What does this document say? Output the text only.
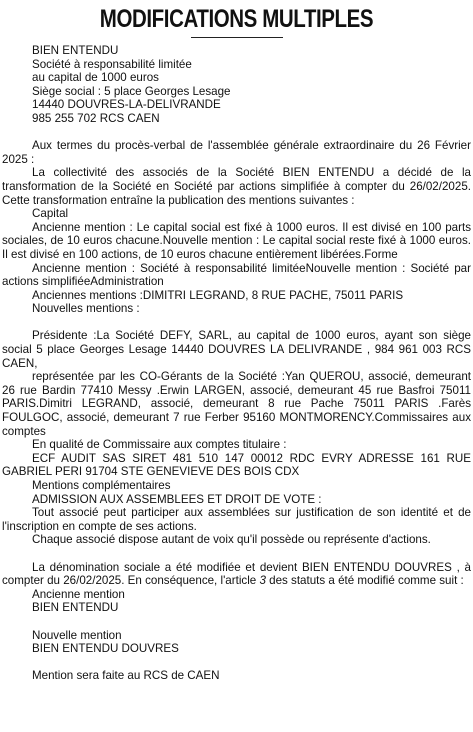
MODIFICATIONS MULTIPLES

BIEN ENTENDU

Société à responsabilité limitée

au capital de 1000 euros

Siège social : 5 place Georges Lesage

14440 DOUVRES-LA-DELIVRANDE

985 255 702 RCS CAEN

Aux termes du procès-verbal de l'assemblée générale extraordinaire du 26 Février 2025 :

La collectivité des associés de la Société BIEN ENTENDU a décidé de la transformation de la Société en Société par actions simplifiée à compter du 26/02/2025. Cette transformation entraîne la publication des mentions suivantes :

Capital

Ancienne mention : Le capital social est fixé à 1000 euros. Il est divisé en 100 parts sociales, de 10 euros chacune.Nouvelle mention : Le capital social reste fixé à 1000 euros. Il est divisé en 100 actions, de 10 euros chacune entièrement libérées.Forme

Ancienne mention : Société à responsabilité limitéeNouvelle mention : Société par actions simplifiéeAdministration

Anciennes mentions :DIMITRI LEGRAND, 8 RUE PACHE, 75011 PARIS

Nouvelles mentions :

Présidente :La Société DEFY, SARL, au capital de 1000 euros, ayant son siège social 5 place Georges Lesage 14440 DOUVRES LA DELIVRANDE , 984 961 003 RCS CAEN,

représentée par les CO-Gérants de la Société :Yan QUEROU, associé, demeurant 26 rue Bardin 77410 Messy .Erwin LARGEN, associé, demeurant 45 rue Basfroi 75011 PARIS.Dimitri LEGRAND, associé, demeurant 8 rue Pache 75011 PARIS .Farès FOULGOC, associé, demeurant 7 rue Ferber 95160 MONTMORENCY.Commissaires aux comptes

En qualité de Commissaire aux comptes titulaire :

ECF AUDIT SAS SIRET 481 510 147 00012 RDC EVRY ADRESSE 161 RUE GABRIEL PERI 91704 STE GENEVIEVE DES BOIS CDX

Mentions complémentaires

ADMISSION AUX ASSEMBLEES ET DROIT DE VOTE :

Tout associé peut participer aux assemblées sur justification de son identité et de l'inscription en compte de ses actions.

Chaque associé dispose autant de voix qu'il possède ou représente d'actions.

La dénomination sociale a été modifiée et devient BIEN ENTENDU DOUVRES , à compter du 26/02/2025. En conséquence, l'article 3 des statuts a été modifié comme suit :

Ancienne mention

BIEN ENTENDU

Nouvelle mention

BIEN ENTENDU DOUVRES

Mention sera faite au RCS de CAEN
